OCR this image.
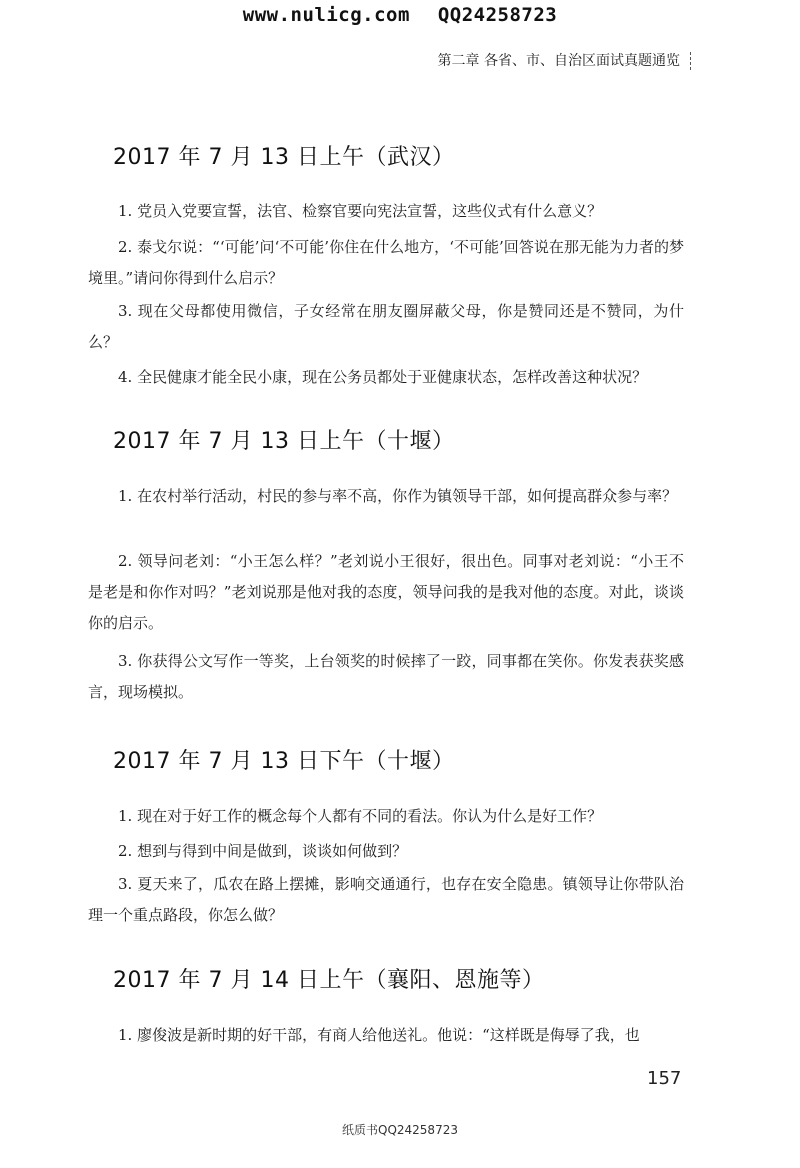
www.nulicg.com QQ24258723
第二章 各省、市、自治区面试真题通览
2017 年 7 月 13 日上午（武汉）
1. 党员入党要宣誓，法官、检察官要向宪法宣誓，这些仪式有什么意义？
2. 泰戈尔说：“‘可能’问‘不可能’你住在什么地方，‘不可能’回答说在那无能为力者的梦境里。”请问你得到什么启示？
3. 现在父母都使用微信，子女经常在朋友圈屏蔽父母，你是赞同还是不赞同，为什么？
4. 全民健康才能全民小康，现在公务员都处于亚健康状态，怎样改善这种状况？
2017 年 7 月 13 日上午（十堰）
1. 在农村举行活动，村民的参与率不高，你作为镇领导干部，如何提高群众参与率？
2. 领导问老刘：“小王怎么样？”老刘说小王很好，很出色。同事对老刘说：“小王不是老是和你作对吗？”老刘说那是他对我的态度，领导问我的是我对他的态度。对此，谈谈你的启示。
3. 你获得公文写作一等奖，上台领奖的时候摔了一跤，同事都在笑你。你发表获奖感言，现场模拟。
2017 年 7 月 13 日下午（十堰）
1. 现在对于好工作的概念每个人都有不同的看法。你认为什么是好工作？
2. 想到与得到中间是做到，谈谈如何做到？
3. 夏天来了，瓜农在路上摆摊，影响交通通行，也存在安全隐患。镇领导让你带队治理一个重点路段，你怎么做？
2017 年 7 月 14 日上午（襄阳、恩施等）
1. 廖俊波是新时期的好干部，有商人给他送礼。他说：“这样既是侮辱了我，也
157
纸质书QQ24258723
